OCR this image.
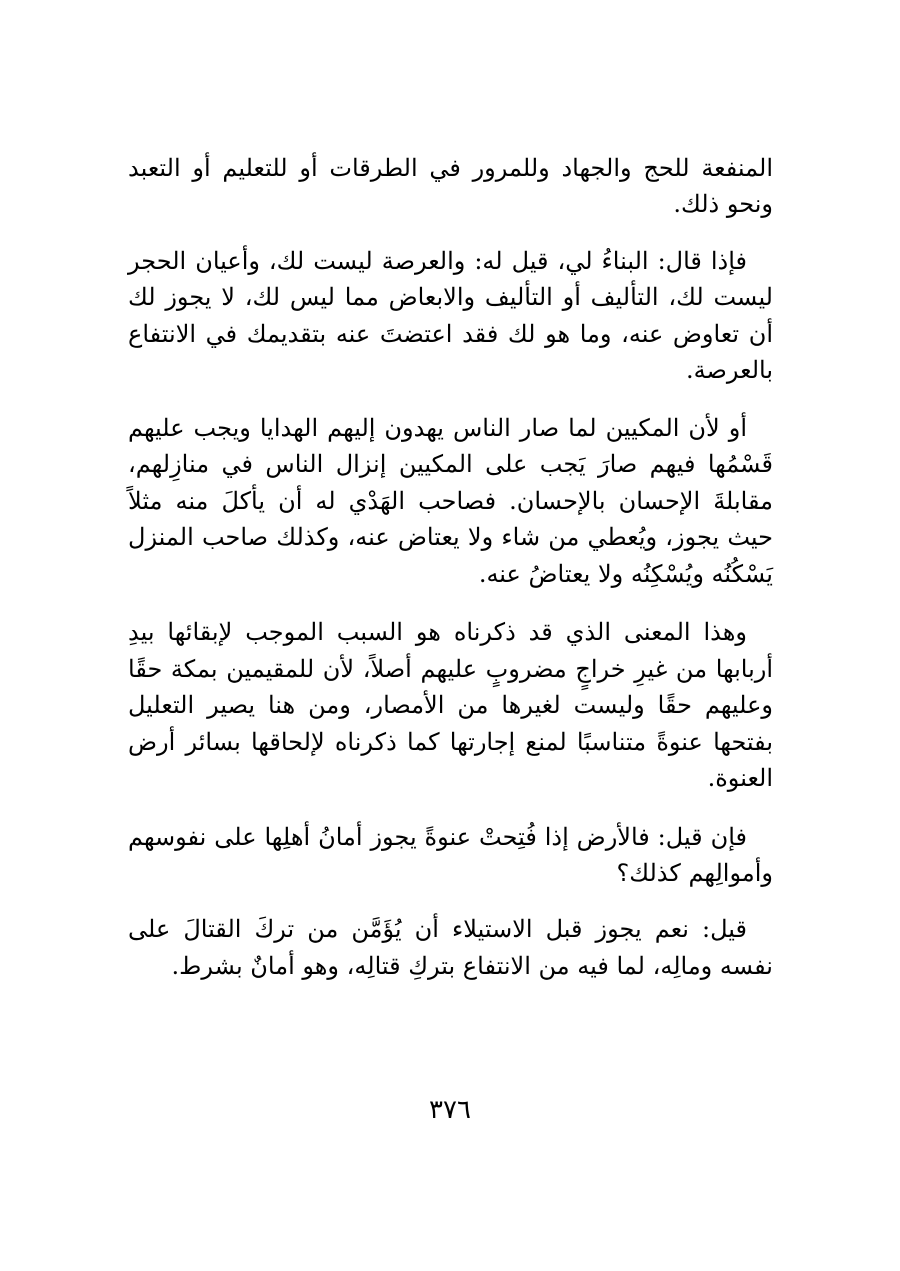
المنفعة للحج والجهاد وللمرور في الطرقات أو للتعليم أو التعبد ونحو ذلك.

فإذا قال: البناءُ لي، قيل له: والعرصة ليست لك، وأعيان الحجر ليست لك، التأليف أو التأليف والابعاض مما ليس لك، لا يجوز لك أن تعاوض عنه، وما هو لك فقد اعتضتَ عنه بتقديمك في الانتفاع بالعرصة.

أو لأن المكيين لما صار الناس يهدون إليهم الهدايا ويجب عليهم قَسْمُها فيهم صارَ يَجب على المكيين إنزال الناس في منازِلهم، مقابلةَ الإحسان بالإحسان. فصاحب الهَدْي له أن يأكلَ منه مثلاً حيث يجوز، ويُعطي من شاء ولا يعتاض عنه، وكذلك صاحب المنزل يَسْكُنُه ويُسْكِنُه ولا يعتاضُ عنه.

وهذا المعنى الذي قد ذكرناه هو السبب الموجب لإبقائها بيدِ أربابها من غيرِ خراجٍ مضروبٍ عليهم أصلاً، لأن للمقيمين بمكة حقًا وعليهم حقًا وليست لغيرها من الأمصار، ومن هنا يصير التعليل بفتحها عنوةً متناسبًا لمنع إجارتها كما ذكرناه لإلحاقها بسائر أرض العنوة.

فإن قيل: فالأرض إذا فُتِحتْ عنوةً يجوز أمانُ أهلِها على نفوسهم وأموالِهم كذلك؟

قيل: نعم يجوز قبل الاستيلاء أن يُؤَمَّن من تركَ القتالَ على نفسه ومالِه، لما فيه من الانتفاع بتركِ قتالِه، وهو أمانٌ بشرط.

٣٧٦
